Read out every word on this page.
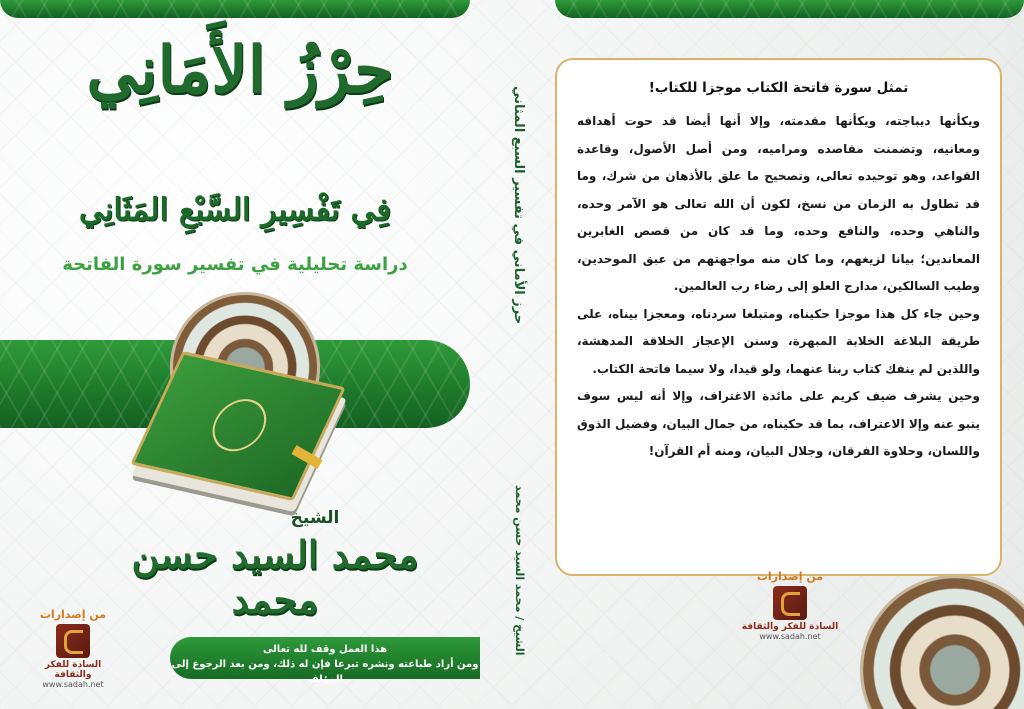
حِرْزُ الأَمَانِي
فِي تَفْسِيرِ السَّبْعِ المَثَانِي
دراسة تحليلية في تفسير سورة الفاتحة
الشيخ
محمد السيد حسن محمد
من إصدارات
السادة للفكر والثقافة
www.sadah.net
هذا العمل وقف لله تعالى
ومن أراد طباعته ونشره تبرعا فإن له ذلك، ومن بعد الرجوع إلى المؤلف
حرز الأماني في تفسير السبع المثاني
الشيخ / محمد السيد حسن محمد
تمثل سورة فاتحة الكتاب موجزا للكتاب!

ويكأنها ديباجته، ويكأنها مقدمته، وإلا أنها أيضا قد حوت أهدافه ومعانيه، وتضمنت مقاصده ومراميه، ومن أصل الأصول، وقاعدة القواعد، وهو توحيده تعالى، وتصحيح ما علق بالأذهان من شرك، وما قد تطاول به الزمان من نسخ، لكون أن الله تعالى هو الآمر وحده، والناهي وحده، والنافع وحده، وما قد كان من قصص الغابرين المعاندين؛ بيانا لزيغهم، وما كان منه مواجهتهم من عبق الموحدين، وطيب السالكين، مدارج العلو إلى رضاء رب العالمين.

وحين جاء كل هذا موجزا حكيناه، ومتبلغا سردناه، ومعجزا بيناه، على طريقة البلاغة الخلابة المبهرة، وسنن الإعجاز الخلاقة المدهشة، واللذين لم ينفك كتاب ربنا عنهما، ولو قيدا، ولا سيما فاتحة الكتاب.

وحين يشرف ضيف كريم على مائدة الاغتراف، وإلا أنه ليس سوف ينبو عنه وإلا الاعتراف، بما قد حكيناه، من جمال البيان، وفضيل الذوق واللسان، وحلاوة الفرقان، وجلال البيان، ومنه أم القرآن!

من إصدارات
السادة للفكر والثقافة
www.sadah.net
